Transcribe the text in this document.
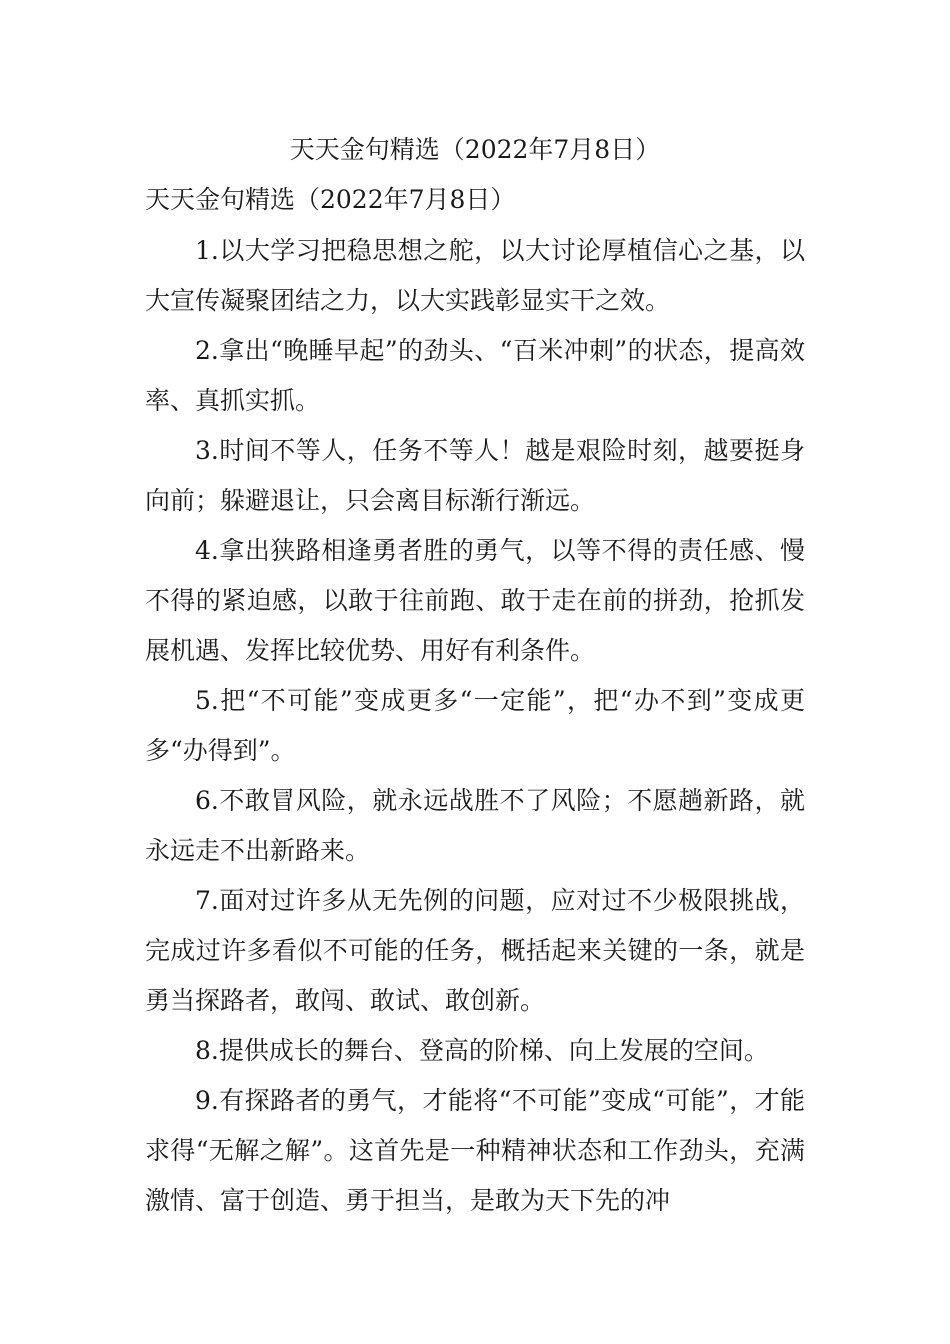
天天金句精选（2022年7月8日）
天天金句精选（2022年7月8日）

1.以大学习把稳思想之舵，以大讨论厚植信心之基，以大宣传凝聚团结之力，以大实践彰显实干之效。

2.拿出“晚睡早起”的劲头、“百米冲刺”的状态，提高效率、真抓实抓。

3.时间不等人，任务不等人！越是艰险时刻，越要挺身向前；躲避退让，只会离目标渐行渐远。

4.拿出狭路相逢勇者胜的勇气，以等不得的责任感、慢不得的紧迫感，以敢于往前跑、敢于走在前的拼劲，抢抓发展机遇、发挥比较优势、用好有利条件。

5.把“不可能”变成更多“一定能”，把“办不到”变成更多“办得到”。

6.不敢冒风险，就永远战胜不了风险；不愿趟新路，就永远走不出新路来。

7.面对过许多从无先例的问题，应对过不少极限挑战，完成过许多看似不可能的任务，概括起来关键的一条，就是勇当探路者，敢闯、敢试、敢创新。

8.提供成长的舞台、登高的阶梯、向上发展的空间。

9.有探路者的勇气，才能将“不可能”变成“可能”，才能求得“无解之解”。这首先是一种精神状态和工作劲头，充满激情、富于创造、勇于担当，是敢为天下先的冲
